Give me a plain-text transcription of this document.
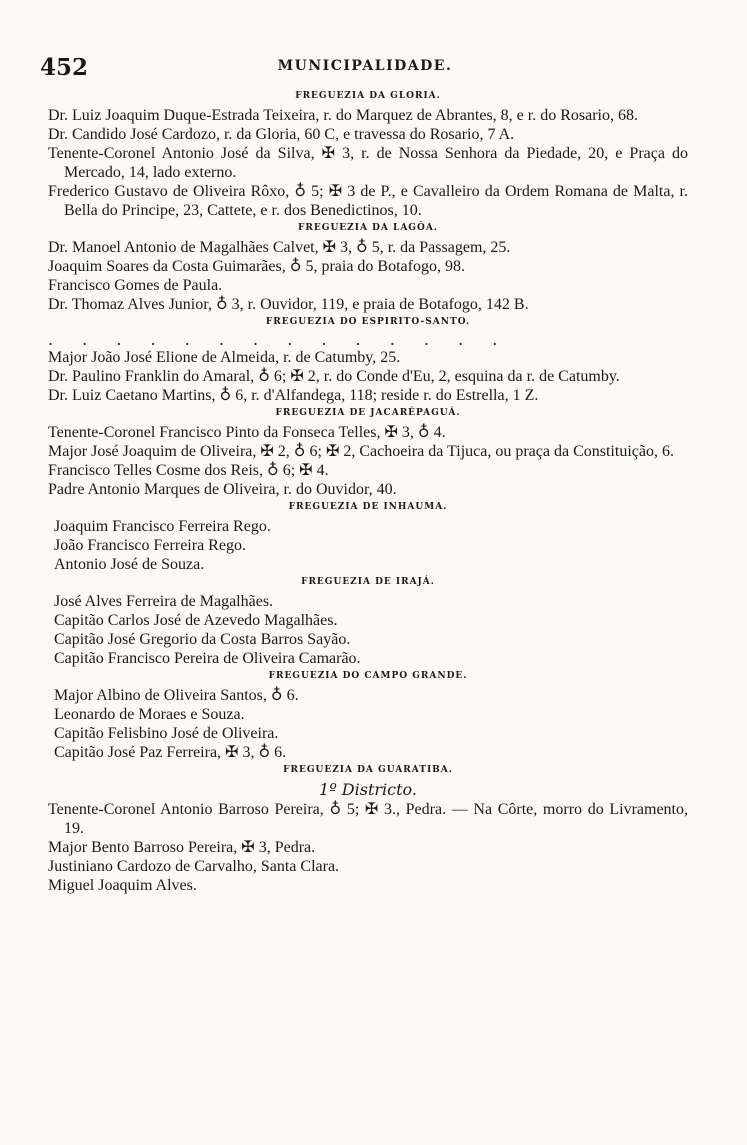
452	MUNICIPALIDADE.
FREGUEZIA DA GLORIA.
Dr. Luiz Joaquim Duque-Estrada Teixeira, r. do Marquez de Abrantes, 8, e r. do Rosario, 68.
Dr. Candido José Cardozo, r. da Gloria, 60 C, e travessa do Rosario, 7 A.
Tenente-Coronel Antonio José da Silva, ✠ 3, r. de Nossa Senhora da Piedade, 20, e Praça do Mercado, 14, lado externo.
Frederico Gustavo de Oliveira Rôxo, ♁ 5; ✠ 3 de P., e Cavalleiro da Ordem Romana de Malta, r. Bella do Principe, 23, Cattete, e r. dos Benedictinos, 10.
FREGUEZIA DA LAGÔA.
Dr. Manoel Antonio de Magalhães Calvet, ✠ 3, ♁ 5, r. da Passagem, 25.
Joaquim Soares da Costa Guimarães, ♁ 5, praia do Botafogo, 98.
Francisco Gomes de Paula.
Dr. Thomaz Alves Junior, ♁ 3, r. Ouvidor, 119, e praia de Botafogo, 142 B.
FREGUEZIA DO ESPIRITO-SANTO.
. . . . . . . . . . . . . .
Major João José Elione de Almeida, r. de Catumby, 25.
Dr. Paulino Franklin do Amaral, ♁ 6; ✠ 2, r. do Conde d'Eu, 2, esquina da r. de Catumby.
Dr. Luiz Caetano Martins, ♁ 6, r. d'Alfandega, 118; reside r. do Estrella, 1 Z.
FREGUEZIA DE JACARÉPAGUÁ.
Tenente-Coronel Francisco Pinto da Fonseca Telles, ✠ 3, ♁ 4.
Major José Joaquim de Oliveira, ✠ 2, ♁ 6; ✠ 2, Cachoeira da Tijuca, ou praça da Constituição, 6.
Francisco Telles Cosme dos Reis, ♁ 6; ✠ 4.
Padre Antonio Marques de Oliveira, r. do Ouvidor, 40.
FREGUEZIA DE INHAUMA.
Joaquim Francisco Ferreira Rego.
João Francisco Ferreira Rego.
Antonio José de Souza.
FREGUEZIA DE IRAJÁ.
José Alves Ferreira de Magalhães.
Capitão Carlos José de Azevedo Magalhães.
Capitão José Gregorio da Costa Barros Sayão.
Capitão Francisco Pereira de Oliveira Camarão.
FREGUEZIA DO CAMPO GRANDE.
Major Albino de Oliveira Santos, ♁ 6.
Leonardo de Moraes e Souza.
Capitão Felisbino José de Oliveira.
Capitão José Paz Ferreira, ✠ 3, ♁ 6.
FREGUEZIA DA GUARATIBA.
1º Districto.
Tenente-Coronel Antonio Barroso Pereira, ♁ 5; ✠ 3., Pedra. — Na Côrte, morro do Livramento, 19.
Major Bento Barroso Pereira, ✠ 3, Pedra.
Justiniano Cardozo de Carvalho, Santa Clara.
Miguel Joaquim Alves.
